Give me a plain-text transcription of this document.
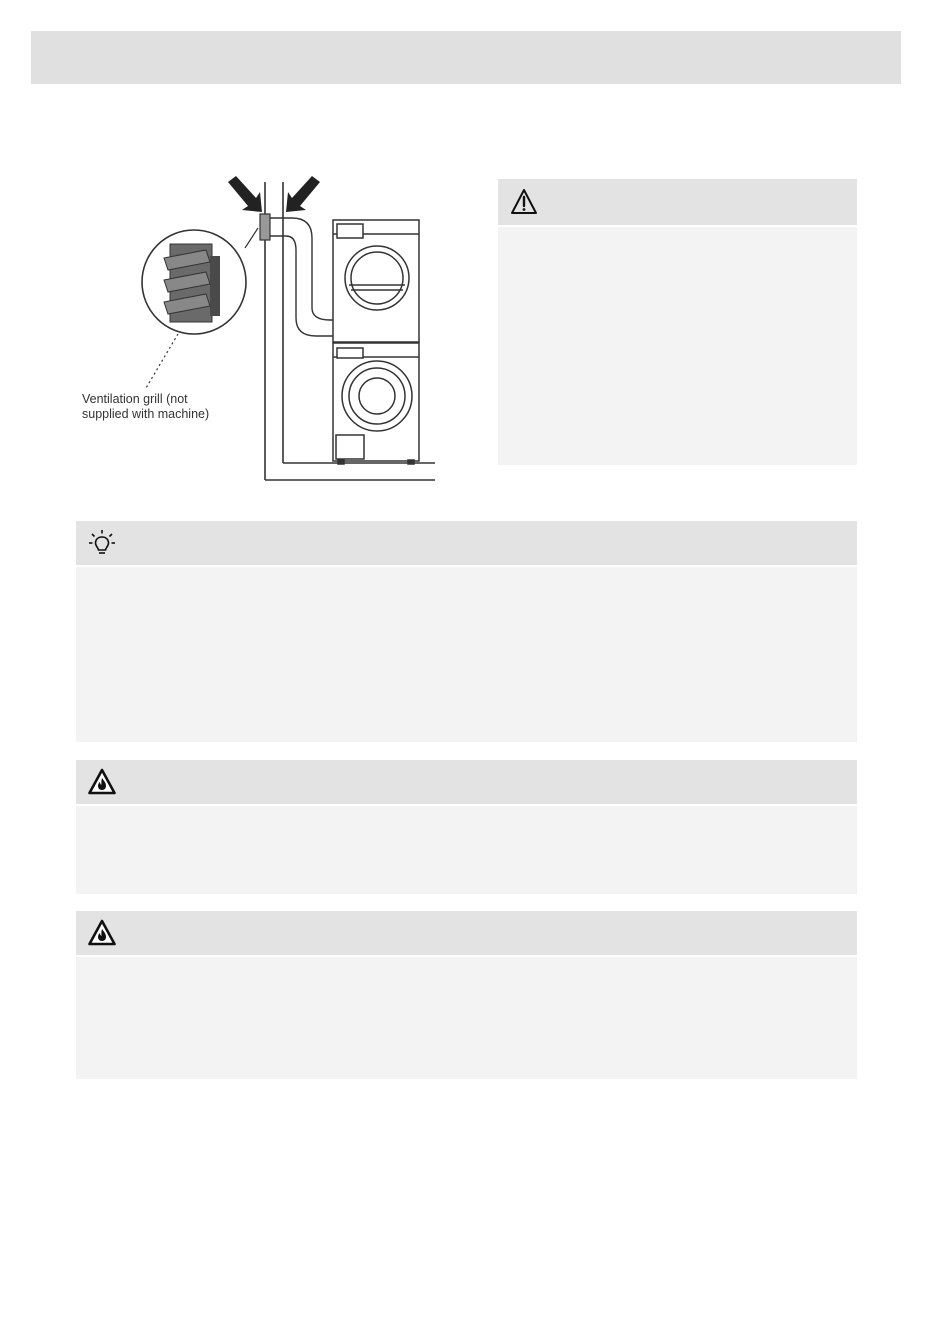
Ventilation grill (not
supplied with machine)
